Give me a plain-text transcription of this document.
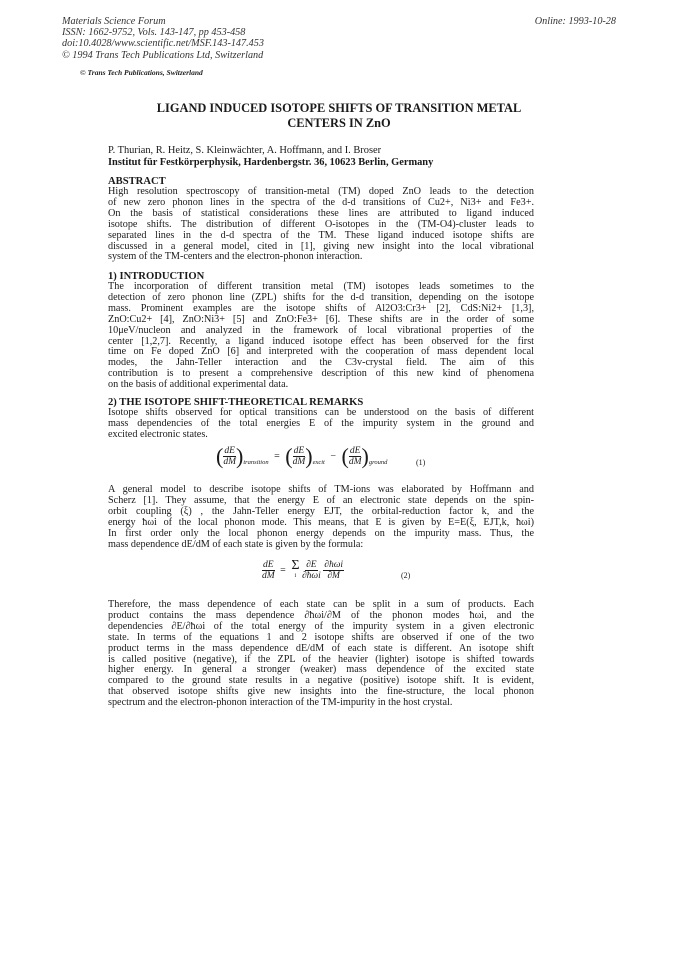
Materials Science Forum
ISSN: 1662-9752, Vols. 143-147, pp 453-458
doi:10.4028/www.scientific.net/MSF.143-147.453
© 1994 Trans Tech Publications Ltd, Switzerland
Online: 1993-10-28
© Trans Tech Publications, Switzerland
LIGAND INDUCED ISOTOPE SHIFTS OF TRANSITION METAL
CENTERS IN ZnO
P. Thurian, R. Heitz, S. Kleinwächter, A. Hoffmann, and I. Broser
Institut für Festkörperphysik, Hardenbergstr. 36, 10623 Berlin, Germany
ABSTRACT
High resolution spectroscopy of transition-metal (TM) doped ZnO leads to the detection
of new zero phonon lines in the spectra of the d-d transitions of Cu2+, Ni3+ and Fe3+.
On the basis of statistical considerations these lines are attributed to ligand induced
isotope shifts. The distribution of different O-isotopes in the (TM-O4)-cluster leads to
separated lines in the d-d spectra of the TM. These ligand induced isotope shifts are
discussed in a general model, cited in [1], giving new insight into the local vibrational
system of the TM-centers and the electron-phonon interaction.
1) INTRODUCTION
The incorporation of different transition metal (TM) isotopes leads sometimes to the
detection of zero phonon line (ZPL) shifts for the d-d transition, depending on the isotope
mass. Prominent examples are the isotope shifts of Al2O3:Cr3+ [2], CdS:Ni2+ [1,3],
ZnO:Cu2+ [4], ZnO:Ni3+ [5] and ZnO:Fe3+ [6]. These shifts are in the order of some
10μeV/nucleon and analyzed in the framework of local vibrational properties of the
center [1,2,7]. Recently, a ligand induced isotope effect has been observed for the first
time on Fe doped ZnO [6] and interpreted with the cooperation of mass dependent local
modes, the Jahn-Teller interaction and the C3v-crystal field. The aim of this
contribution is to present a comprehensive description of this new kind of phenomena
on the basis of additional experimental data.
2) THE ISOTOPE SHIFT-THEORETICAL REMARKS
Isotope shifts observed for optical transitions can be understood on the basis of different
mass dependencies of the total energies E of the impurity system in the ground and
excited electronic states.
( $\frac{dE}{dM} )_{transition}$ = ( $\frac{dE}{dM} )_{excit}$ − ( $\frac{dE}{dM} )_{ground}$	(1)
A general model to describe isotope shifts of TM-ions was elaborated by Hoffmann and
Scherz [1]. They assume, that the energy E of an electronic state depends on the spin-
orbit coupling (ξ) , the Jahn-Teller energy EJT, the orbital-reduction factor k, and the
energy ħωi of the local phonon mode. This means, that E is given by E=E(ξ, EJT,k, ħωi)
In first order only the local phonon energy depends on the impurity mass. Thus, the
mass dependence dE/dM of each state is given by the formula:
$\frac{dE}{dM} = \Sigma$
i
$\frac{\partial E}{\text{∂ħωi}}$
$\frac{\text{∂ħωi}}{\partial M}$	(2)
Therefore, the mass dependence of each state can be split in a sum of products. Each
product contains the mass dependence ∂ħωi/∂M of the phonon modes ħωi, and the
dependencies ∂E/∂ħωi of the total energy of the impurity system in a given electronic
state. In terms of the equations 1 and 2 isotope shifts are observed if one of the two
product terms in the mass dependence dE/dM of each state is different. An isotope shift
is called positive (negative), if the ZPL of the heavier (lighter) isotope is shifted towards
higher energy. In general a stronger (weaker) mass dependence of the excited state
compared to the ground state results in a negative (positive) isotope shift. It is evident,
that observed isotope shifts give new insights into the fine-structure, the local phonon
spectrum and the electron-phonon interaction of the TM-impurity in the host crystal.
